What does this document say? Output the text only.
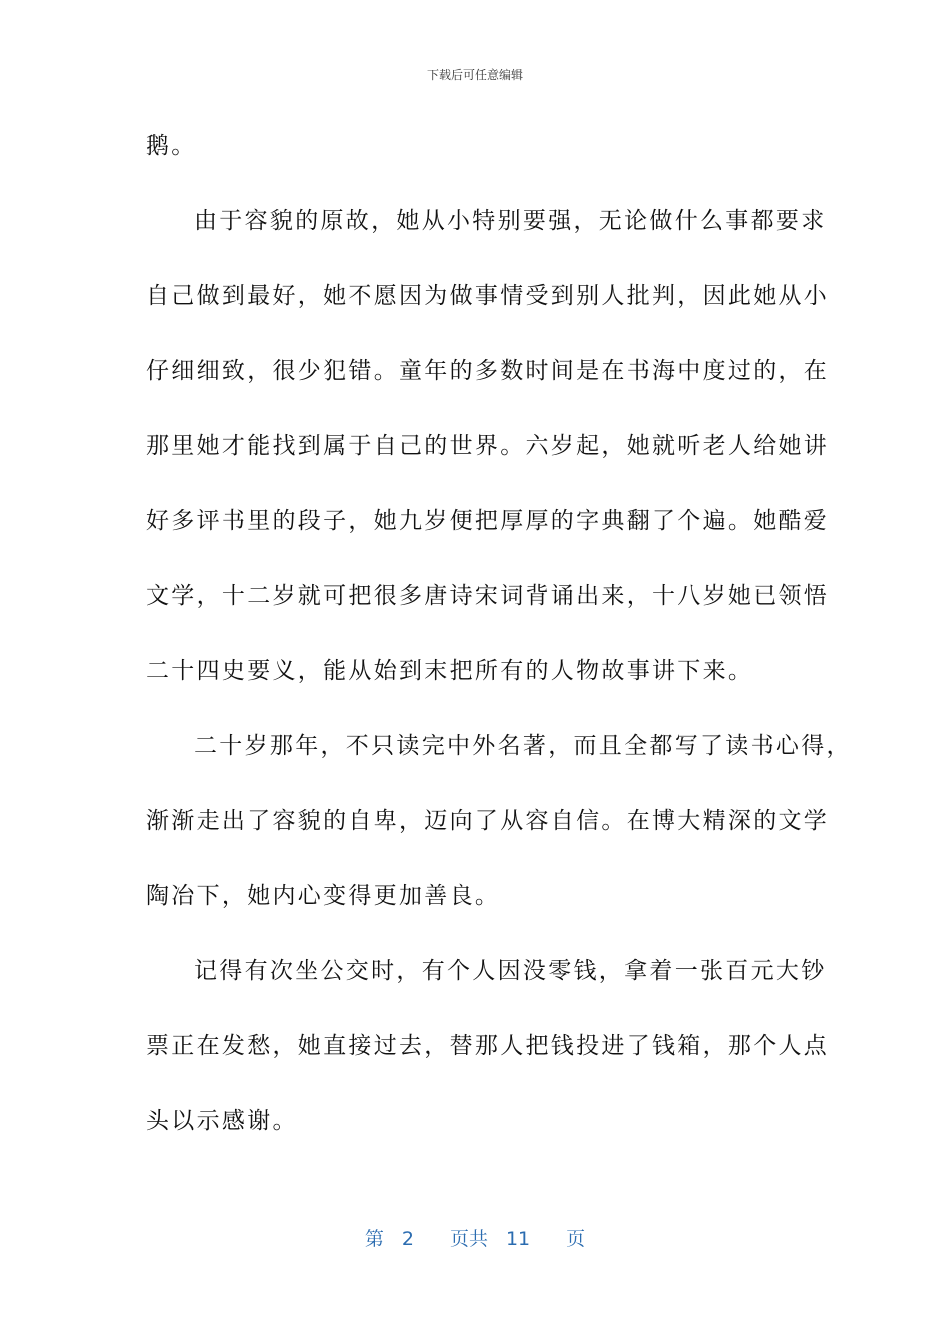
下载后可任意编辑
鹅。
由于容貌的原故，她从小特别要强，无论做什么事都要求
自己做到最好，她不愿因为做事情受到别人批判，因此她从小
仔细细致，很少犯错。童年的多数时间是在书海中度过的，在
那里她才能找到属于自己的世界。六岁起，她就听老人给她讲
好多评书里的段子，她九岁便把厚厚的字典翻了个遍。她酷爱
文学，十二岁就可把很多唐诗宋词背诵出来，十八岁她已领悟
二十四史要义，能从始到末把所有的人物故事讲下来。
二十岁那年，不只读完中外名著，而且全都写了读书心得，
渐渐走出了容貌的自卑，迈向了从容自信。在博大精深的文学
陶冶下，她内心变得更加善良。
记得有次坐公交时，有个人因没零钱，拿着一张百元大钞
票正在发愁，她直接过去，替那人把钱投进了钱箱，那个人点
头以示感谢。
第 2 页共 11 页
